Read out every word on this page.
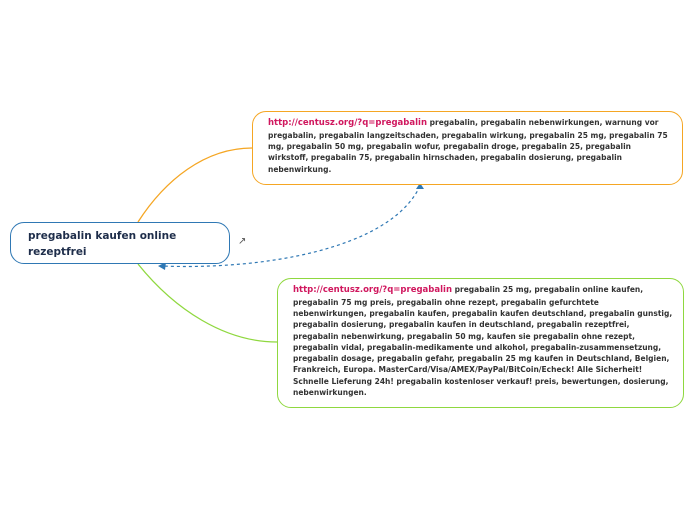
pregabalin kaufen online rezeptfrei
↗︎
http://centusz.org/?q=pregabalin pregabalin, pregabalin nebenwirkungen, warnung vor pregabalin, pregabalin langzeitschaden, pregabalin wirkung, pregabalin 25 mg, pregabalin 75 mg, pregabalin 50 mg, pregabalin wofur, pregabalin droge, pregabalin 25, pregabalin wirkstoff, pregabalin 75, pregabalin hirnschaden, pregabalin dosierung, pregabalin nebenwirkung.
http://centusz.org/?q=pregabalin pregabalin 25 mg, pregabalin online kaufen, pregabalin 75 mg preis, pregabalin ohne rezept, pregabalin gefurchtete nebenwirkungen, pregabalin kaufen, pregabalin kaufen deutschland, pregabalin gunstig, pregabalin dosierung, pregabalin kaufen in deutschland, pregabalin rezeptfrei, pregabalin nebenwirkung, pregabalin 50 mg, kaufen sie pregabalin ohne rezept, pregabalin vidal, pregabalin-medikamente und alkohol, pregabalin-zusammensetzung, pregabalin dosage, pregabalin gefahr, pregabalin 25 mg kaufen in Deutschland, Belgien, Frankreich, Europa. MasterCard/Visa/AMEX/PayPal/BitCoin/Echeck! Alle Sicherheit! Schnelle Lieferung 24h! pregabalin kostenloser verkauf! preis, bewertungen, dosierung, nebenwirkungen.
